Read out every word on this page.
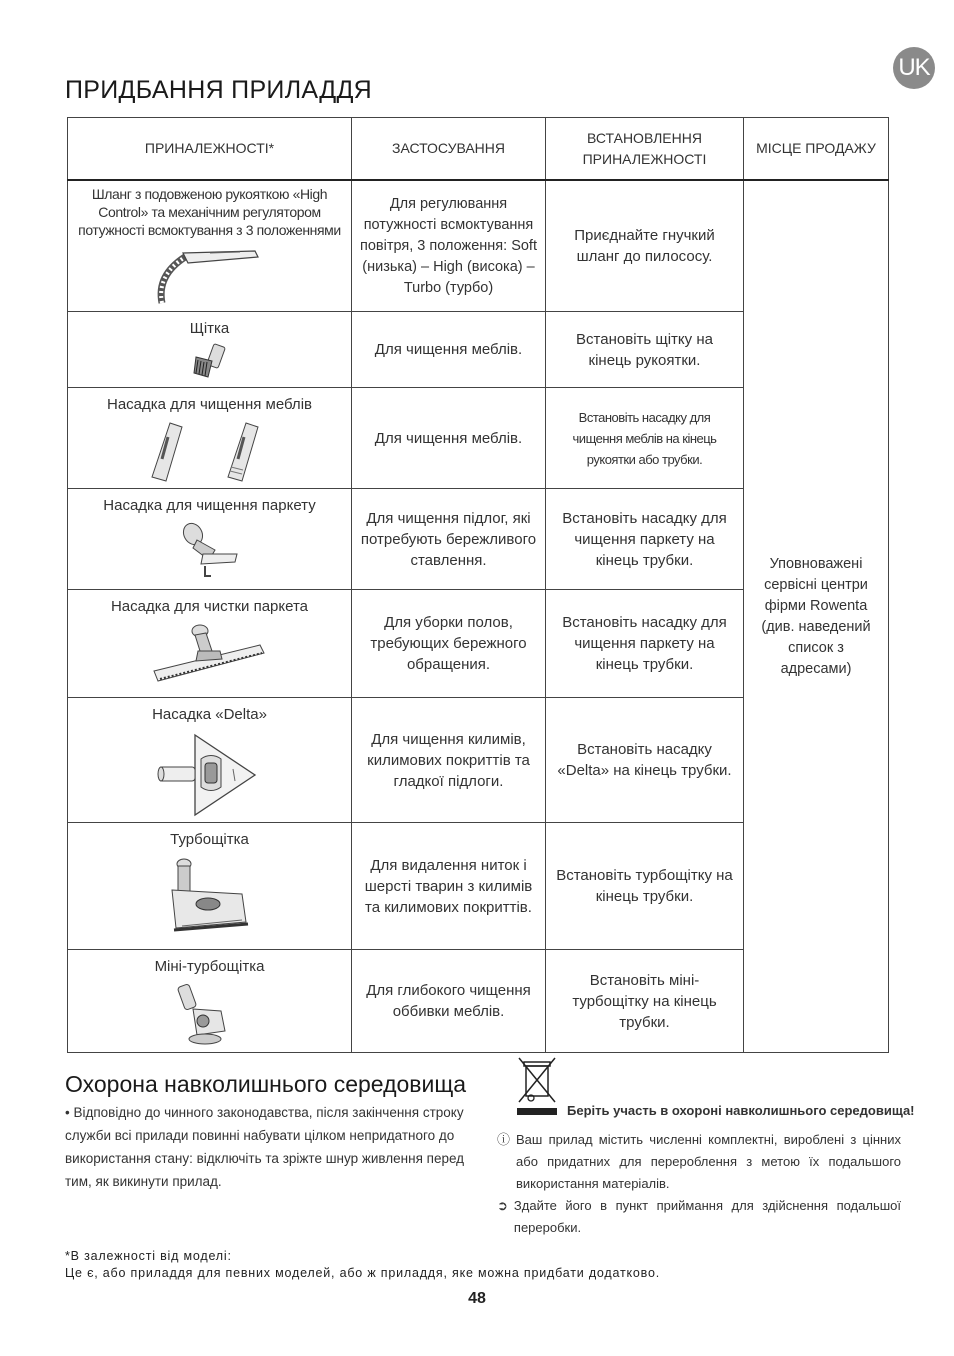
UK
ПРИДБАННЯ ПРИЛАДДЯ
ПРИНАЛЕЖНОСТІ*	ЗАСТОСУВАННЯ	ВСТАНОВЛЕННЯ ПРИНАЛЕЖНОСТІ	МІСЦЕ ПРОДАЖУ

Шланг з подовженою рукояткою «High Control» та механічним регулятором потужності всмоктування з 3 положеннями	Для регулювання потужності всмоктування повітря, 3 положення: Soft (низька) – High (висока) – Turbo (турбо)	Приєднайте гнучкий шланг до пилососу.	Уповноважені сервісні центри фірми Rowenta (див. наведений список з адресами)

Щітка	Для чищення меблів.	Встановіть щітку на кінець рукоятки.	

Насадка для чищення меблів	Для чищення меблів.	Встановіть насадку для чищення меблів на кінець рукоятки або трубки.	

Насадка для чищення паркету	Для чищення підлог, які потребують бережливого ставлення.	Встановіть насадку для чищення паркету на кінець трубки.	

Насадка для чистки паркета	Для уборки полов, требующих бережного обращения.	Встановіть насадку для чищення паркету на кінець трубки.	

Насадка «Delta»	Для чищення килимів, килимових покриттів та гладкої підлоги.	Встановіть насадку «Delta» на кінець трубки.	

Турбощітка	Для видалення ниток і шерсті тварин з килимів та килимових покриттів.	Встановіть турбощітку на кінець трубки.	

Міні-турбощітка	Для глибокого чищення оббивки меблів.	Встановіть міні-турбощітку на кінець трубки.	
Охорона навколишнього середовища
• Відповідно до чинного законодавства, після закінчення строку служби всі прилади повинні набувати цілком непридатного до використання стану: відключіть та зріжте шнур живлення перед тим, як викинути прилад.
Беріть участь в охороні навколишнього середовища!

ⓘ Ваш прилад містить численні комплектні, вироблені з цінних або придатних для перероблення з метою їх подальшого використання матеріалів.

➲ Здайте його в пункт приймання для здійснення подальшої переробки.

*В залежності від моделі:
Це є, або приладдя для певних моделей, або ж приладдя, яке можна придбати додатково.
48
